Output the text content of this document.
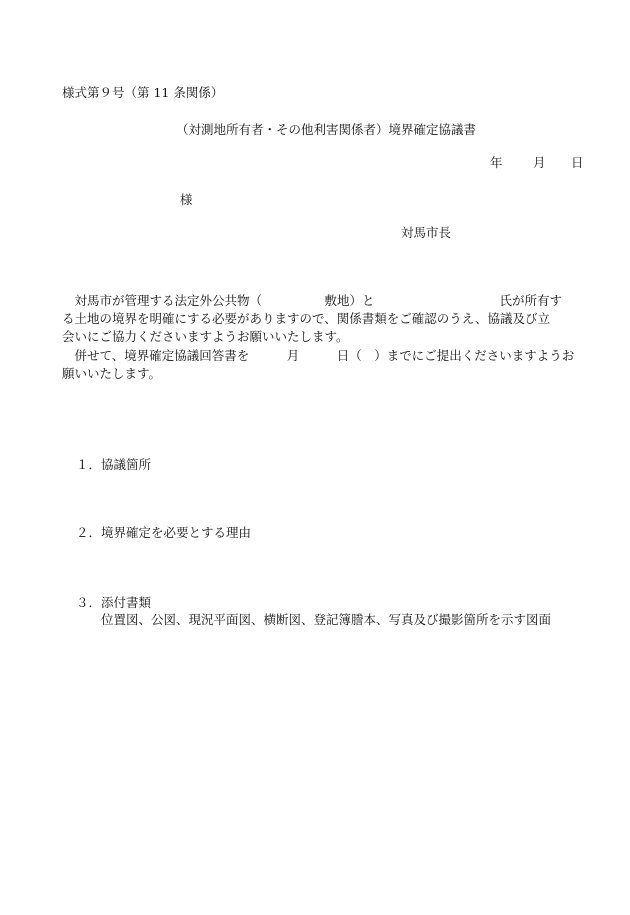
様式第９号（第 11 条関係）
（対測地所有者・その他利害関係者）境界確定協議書
年 月 日
様
対馬市長
　対馬市が管理する法定外公共物（　　　　　敷地）と　　　　　　　　　　氏が所有す
る土地の境界を明確にする必要がありますので、関係書類をご確認のうえ、協議及び立
会いにご協力くださいますようお願いいたします。
　併せて、境界確定協議回答書を　　　月　　　日（　）までにご提出くださいますようお
願いいたします。
１．協議箇所
２．境界確定を必要とする理由
３．添付書類
位置図、公図、現況平面図、横断図、登記簿謄本、写真及び撮影箇所を示す図面
